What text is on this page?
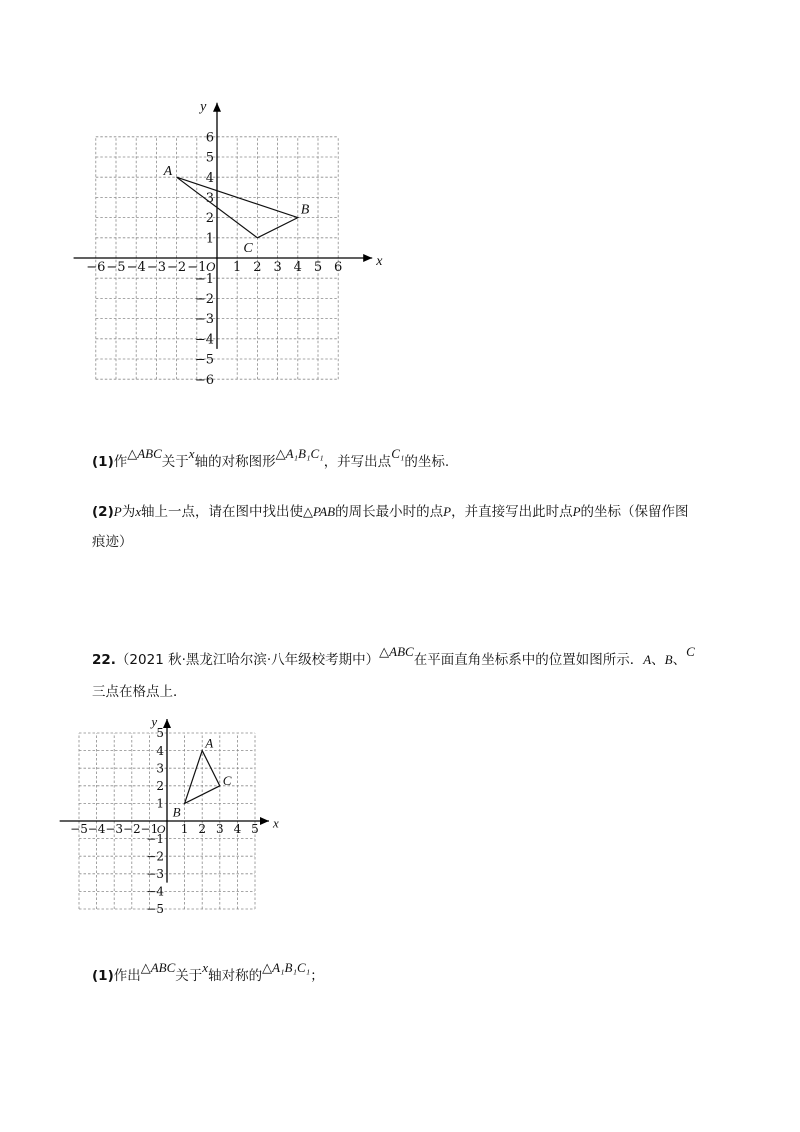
x
y
O
−6 −5 −4 −3 −2 −1 1 2 3 4 5 6
6
5
4
3
2
1
−1
−2
−3
−4
−5
−6
A
B
C
(1)作△ABC关于x轴的对称图形△A₁B₁C₁，并写出点C₁的坐标.
(2)P为x轴上一点，请在图中找出使△PAB的周长最小时的点P，并直接写出此时点P的坐标（保留作图
痕迹）
22.（2021 秋·黑龙江哈尔滨·八年级校考期中）△ABC在平面直角坐标系中的位置如图所示．A、B、C
三点在格点上．
x
y
O
−5 −4 −3 −2 −1 1 2 3 4 5
5
4
3
2
1
−1
−2
−3
−4
−5
A
B
C
(1)作出△ABC关于x轴对称的△A₁B₁C₁；
